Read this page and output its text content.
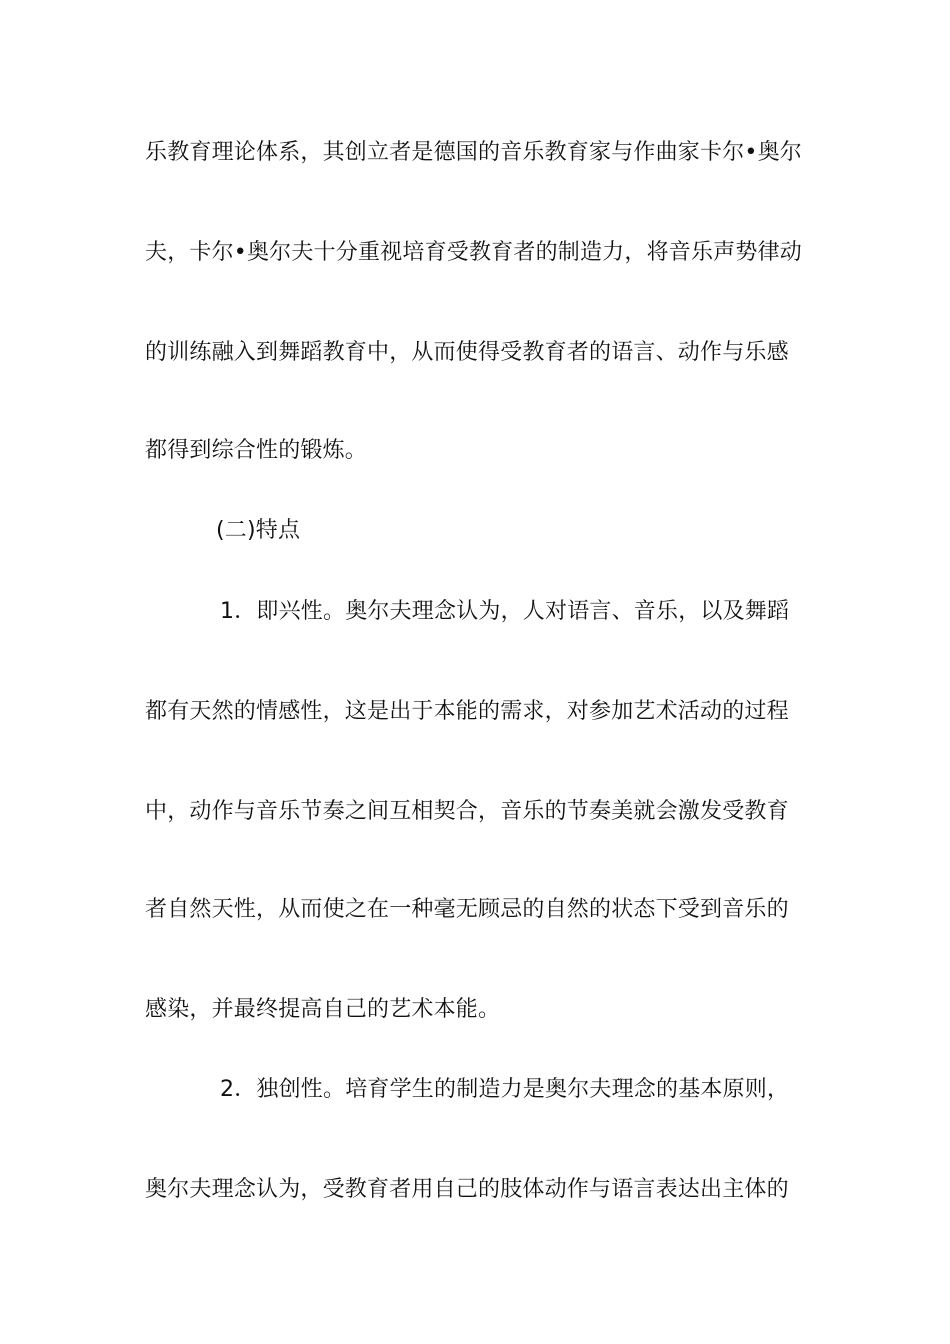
乐教育理论体系，其创立者是德国的音乐教育家与作曲家卡尔•奥尔
夫，卡尔•奥尔夫十分重视培育受教育者的制造力，将音乐声势律动
的训练融入到舞蹈教育中，从而使得受教育者的语言、动作与乐感
都得到综合性的锻炼。
(二)特点
1．即兴性。奥尔夫理念认为，人对语言、音乐，以及舞蹈
都有天然的情感性，这是出于本能的需求，对参加艺术活动的过程
中，动作与音乐节奏之间互相契合，音乐的节奏美就会激发受教育
者自然天性，从而使之在一种毫无顾忌的自然的状态下受到音乐的
感染，并最终提高自己的艺术本能。
2．独创性。培育学生的制造力是奥尔夫理念的基本原则，
奥尔夫理念认为，受教育者用自己的肢体动作与语言表达出主体的
